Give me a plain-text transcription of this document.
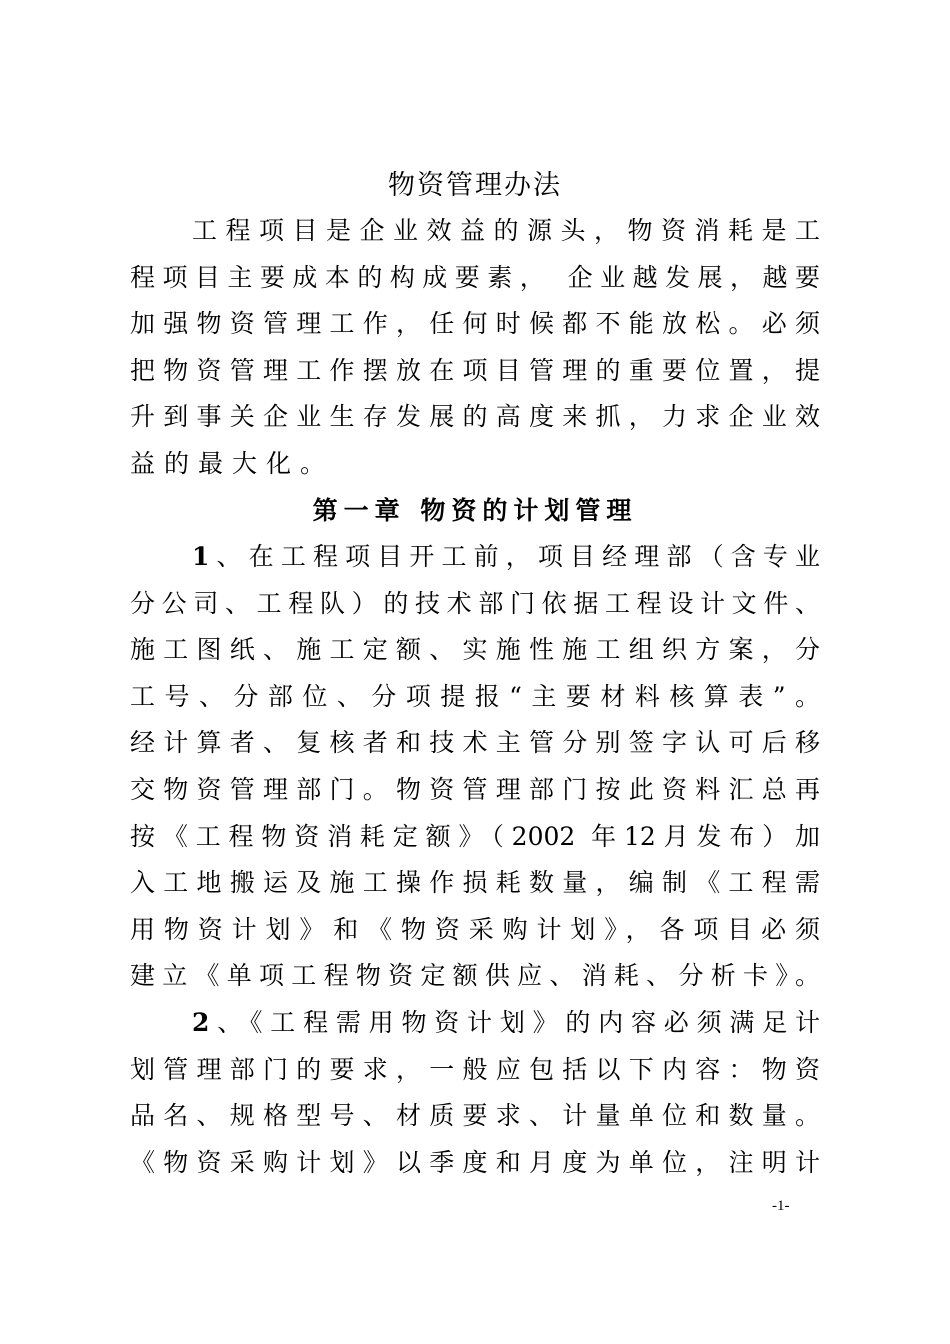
物资管理办法
工程项目是企业效益的源头，物资消耗是工
程项目主要成本的构成要素， 企业越发展，越要
加强物资管理工作，任何时候都不能放松。必须
把物资管理工作摆放在项目管理的重要位置，提
升到事关企业生存发展的高度来抓，力求企业效
益的最大化。
第一章 物资的计划管理
1、在工程项目开工前，项目经理部（含专业
分公司、工程队）的技术部门依据工程设计文件、
施工图纸、施工定额、实施性施工组织方案，分
工号、分部位、分项提报“主要材料核算表”。
经计算者、复核者和技术主管分别签字认可后移
交物资管理部门。物资管理部门按此资料汇总再
按《工程物资消耗定额》（2002 年12月发布）加
入工地搬运及施工操作损耗数量，编制《工程需
用物资计划》和《物资采购计划》，各项目必须
建立《单项工程物资定额供应、消耗、分析卡》。
2、《工程需用物资计划》的内容必须满足计
划管理部门的要求，一般应包括以下内容：物资
品名、规格型号、材质要求、计量单位和数量。
《物资采购计划》以季度和月度为单位，注明计
-1-
